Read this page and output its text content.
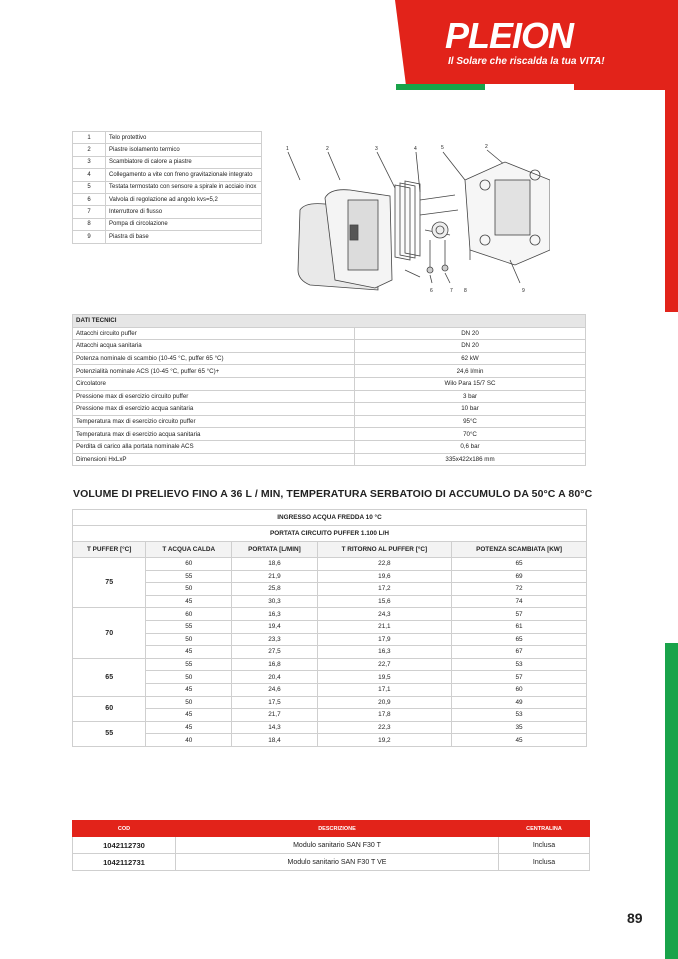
PLEION
Il Solare che riscalda la tua VITA!
1	Telo protettivo
2	Piastre isolamento termico
3	Scambiatore di calore a piastre
4	Collegamento a vite con freno gravitazionale integrato
5	Testata termostato con sensore a spirale in acciaio inox
6	Valvola di regolazione ad angolo kvs=5,2
7	Interruttore di flusso
8	Pompa di circolazione
9	Piastra di base
1	2	3	4	5	2
6	7 8	9
DATI TECNICI	
Attacchi circuito puffer	DN 20
Attacchi acqua sanitaria	DN 20
Potenza nominale di scambio (10-45 °C, puffer 65 °C)	62 kW
Potenzialità nominale ACS (10-45 °C, puffer 65 °C)+	24,6 l/min
Circolatore	Wilo Para 15/7 SC
Pressione max di esercizio circuito puffer	3 bar
Pressione max di esercizio acqua sanitaria	10 bar
Temperatura max di esercizio circuito puffer	95°C
Temperatura max di esercizio acqua sanitaria	70°C
Perdita di carico alla portata nominale ACS	0,6 bar
Dimensioni HxLxP	335x422x186 mm
VOLUME DI PRELIEVO FINO A 36 L / MIN, TEMPERATURA SERBATOIO DI ACCUMULO DA 50°C A 80°C
INGRESSO ACQUA FREDDA 10 °C				
PORTATA CIRCUITO PUFFER 1.100 L/H				
T PUFFER [°C]	T ACQUA CALDA	PORTATA [L/MIN]	T RITORNO AL PUFFER [°C]	POTENZA SCAMBIATA [KW]
75	60	18,6	22,8	65
	55	21,9	19,6	69
	50	25,8	17,2	72
	45	30,3	15,6	74
70	60	16,3	24,3	57
	55	19,4	21,1	61
	50	23,3	17,9	65
	45	27,5	16,3	67
65	55	16,8	22,7	53
	50	20,4	19,5	57
	45	24,6	17,1	60
60	50	17,5	20,9	49
	45	21,7	17,8	53
55	45	14,3	22,3	35
	40	18,4	19,2	45
COD	DESCRIZIONE	CENTRALINA
1042112730	Modulo sanitario SAN F30 T	Inclusa
1042112731	Modulo sanitario SAN F30 T VE	Inclusa
89
